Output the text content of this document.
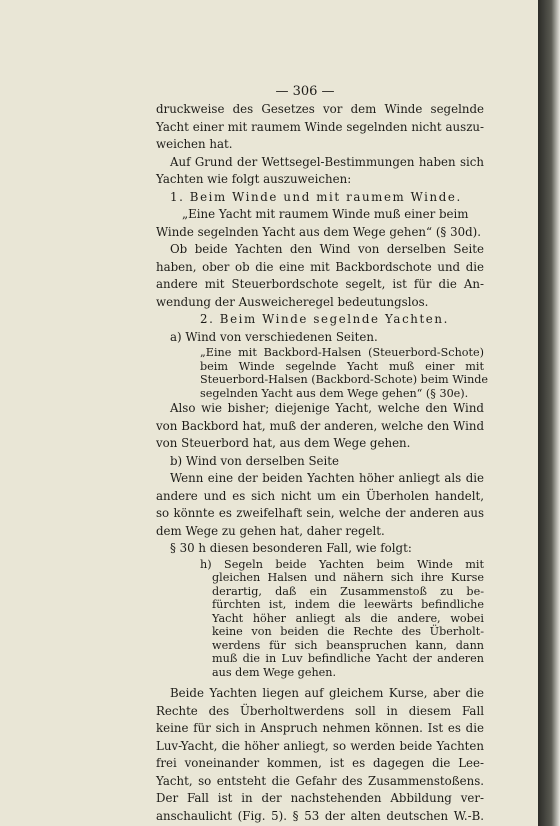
— 306 —
druckweise des Gesetzes vor dem Winde segelnde
Yacht einer mit raumem Winde segelnden nicht auszu-
weichen hat.
Auf Grund der Wettsegel-Bestimmungen haben sich
Yachten wie folgt auszuweichen:
1. Beim Winde und mit raumem Winde.
„Eine Yacht mit raumem Winde muß einer beim
Winde segelnden Yacht aus dem Wege gehen“ (§ 30d).
Ob beide Yachten den Wind von derselben Seite
haben, ober ob die eine mit Backbordschote und die
andere mit Steuerbordschote segelt, ist für die An-
wendung der Ausweicheregel bedeutungslos.
2. Beim Winde segelnde Yachten.
a) Wind von verschiedenen Seiten.
„Eine mit Backbord-Halsen (Steuerbord-Schote)
beim Winde segelnde Yacht muß einer mit
Steuerbord-Halsen (Backbord-Schote) beim Winde
segelnden Yacht aus dem Wege gehen“ (§ 30e).
Also wie bisher; diejenige Yacht, welche den Wind
von Backbord hat, muß der anderen, welche den Wind
von Steuerbord hat, aus dem Wege gehen.
b) Wind von derselben Seite
Wenn eine der beiden Yachten höher anliegt als die
andere und es sich nicht um ein Überholen handelt,
so könnte es zweifelhaft sein, welche der anderen aus
dem Wege zu gehen hat, daher regelt.
§ 30 h diesen besonderen Fall, wie folgt:
h) Segeln beide Yachten beim Winde mit
gleichen Halsen und nähern sich ihre Kurse
derartig, daß ein Zusammenstoß zu be-
fürchten ist, indem die leewärts befindliche
Yacht höher anliegt als die andere, wobei
keine von beiden die Rechte des Überholt-
werdens für sich beanspruchen kann, dann
muß die in Luv befindliche Yacht der anderen
aus dem Wege gehen.
Beide Yachten liegen auf gleichem Kurse, aber die
Rechte des Überholtwerdens soll in diesem Fall
keine für sich in Anspruch nehmen können. Ist es die
Luv-Yacht, die höher anliegt, so werden beide Yachten
frei voneinander kommen, ist es dagegen die Lee-
Yacht, so entsteht die Gefahr des Zusammenstoßens.
Der Fall ist in der nachstehenden Abbildung ver-
anschaulicht (Fig. 5). § 53 der alten deutschen W.-B.
